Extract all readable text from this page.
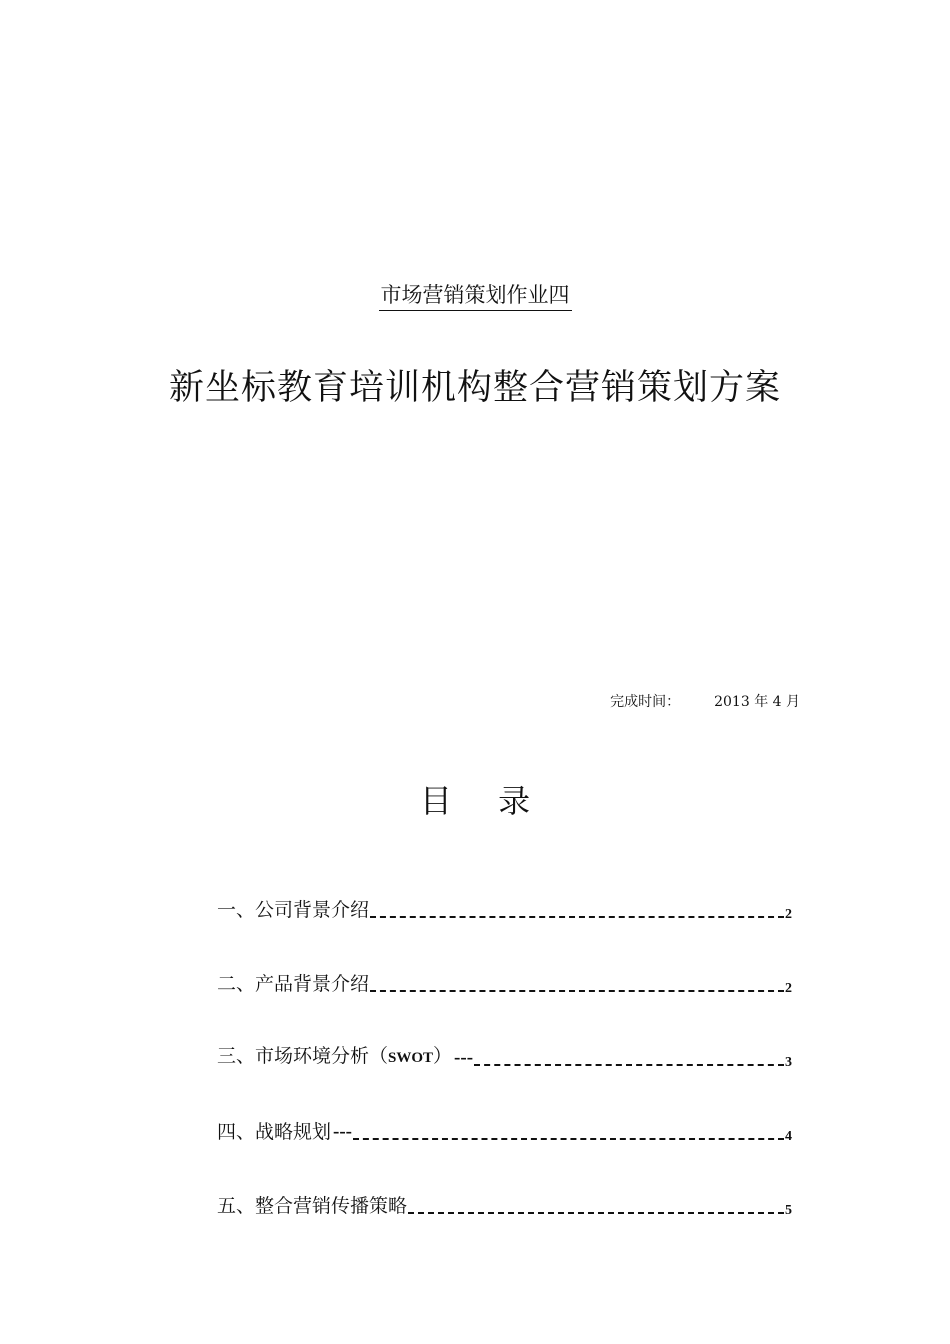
市场营销策划作业四
新坐标教育培训机构整合营销策划方案
完成时间： 2013 年 4 月
目 录
一、公司背景介绍	2
二、产品背景介绍	2
三、市场环境分析（SWOT） ---	3
四、战略规划 ---	4
五、整合营销传播策略	5
